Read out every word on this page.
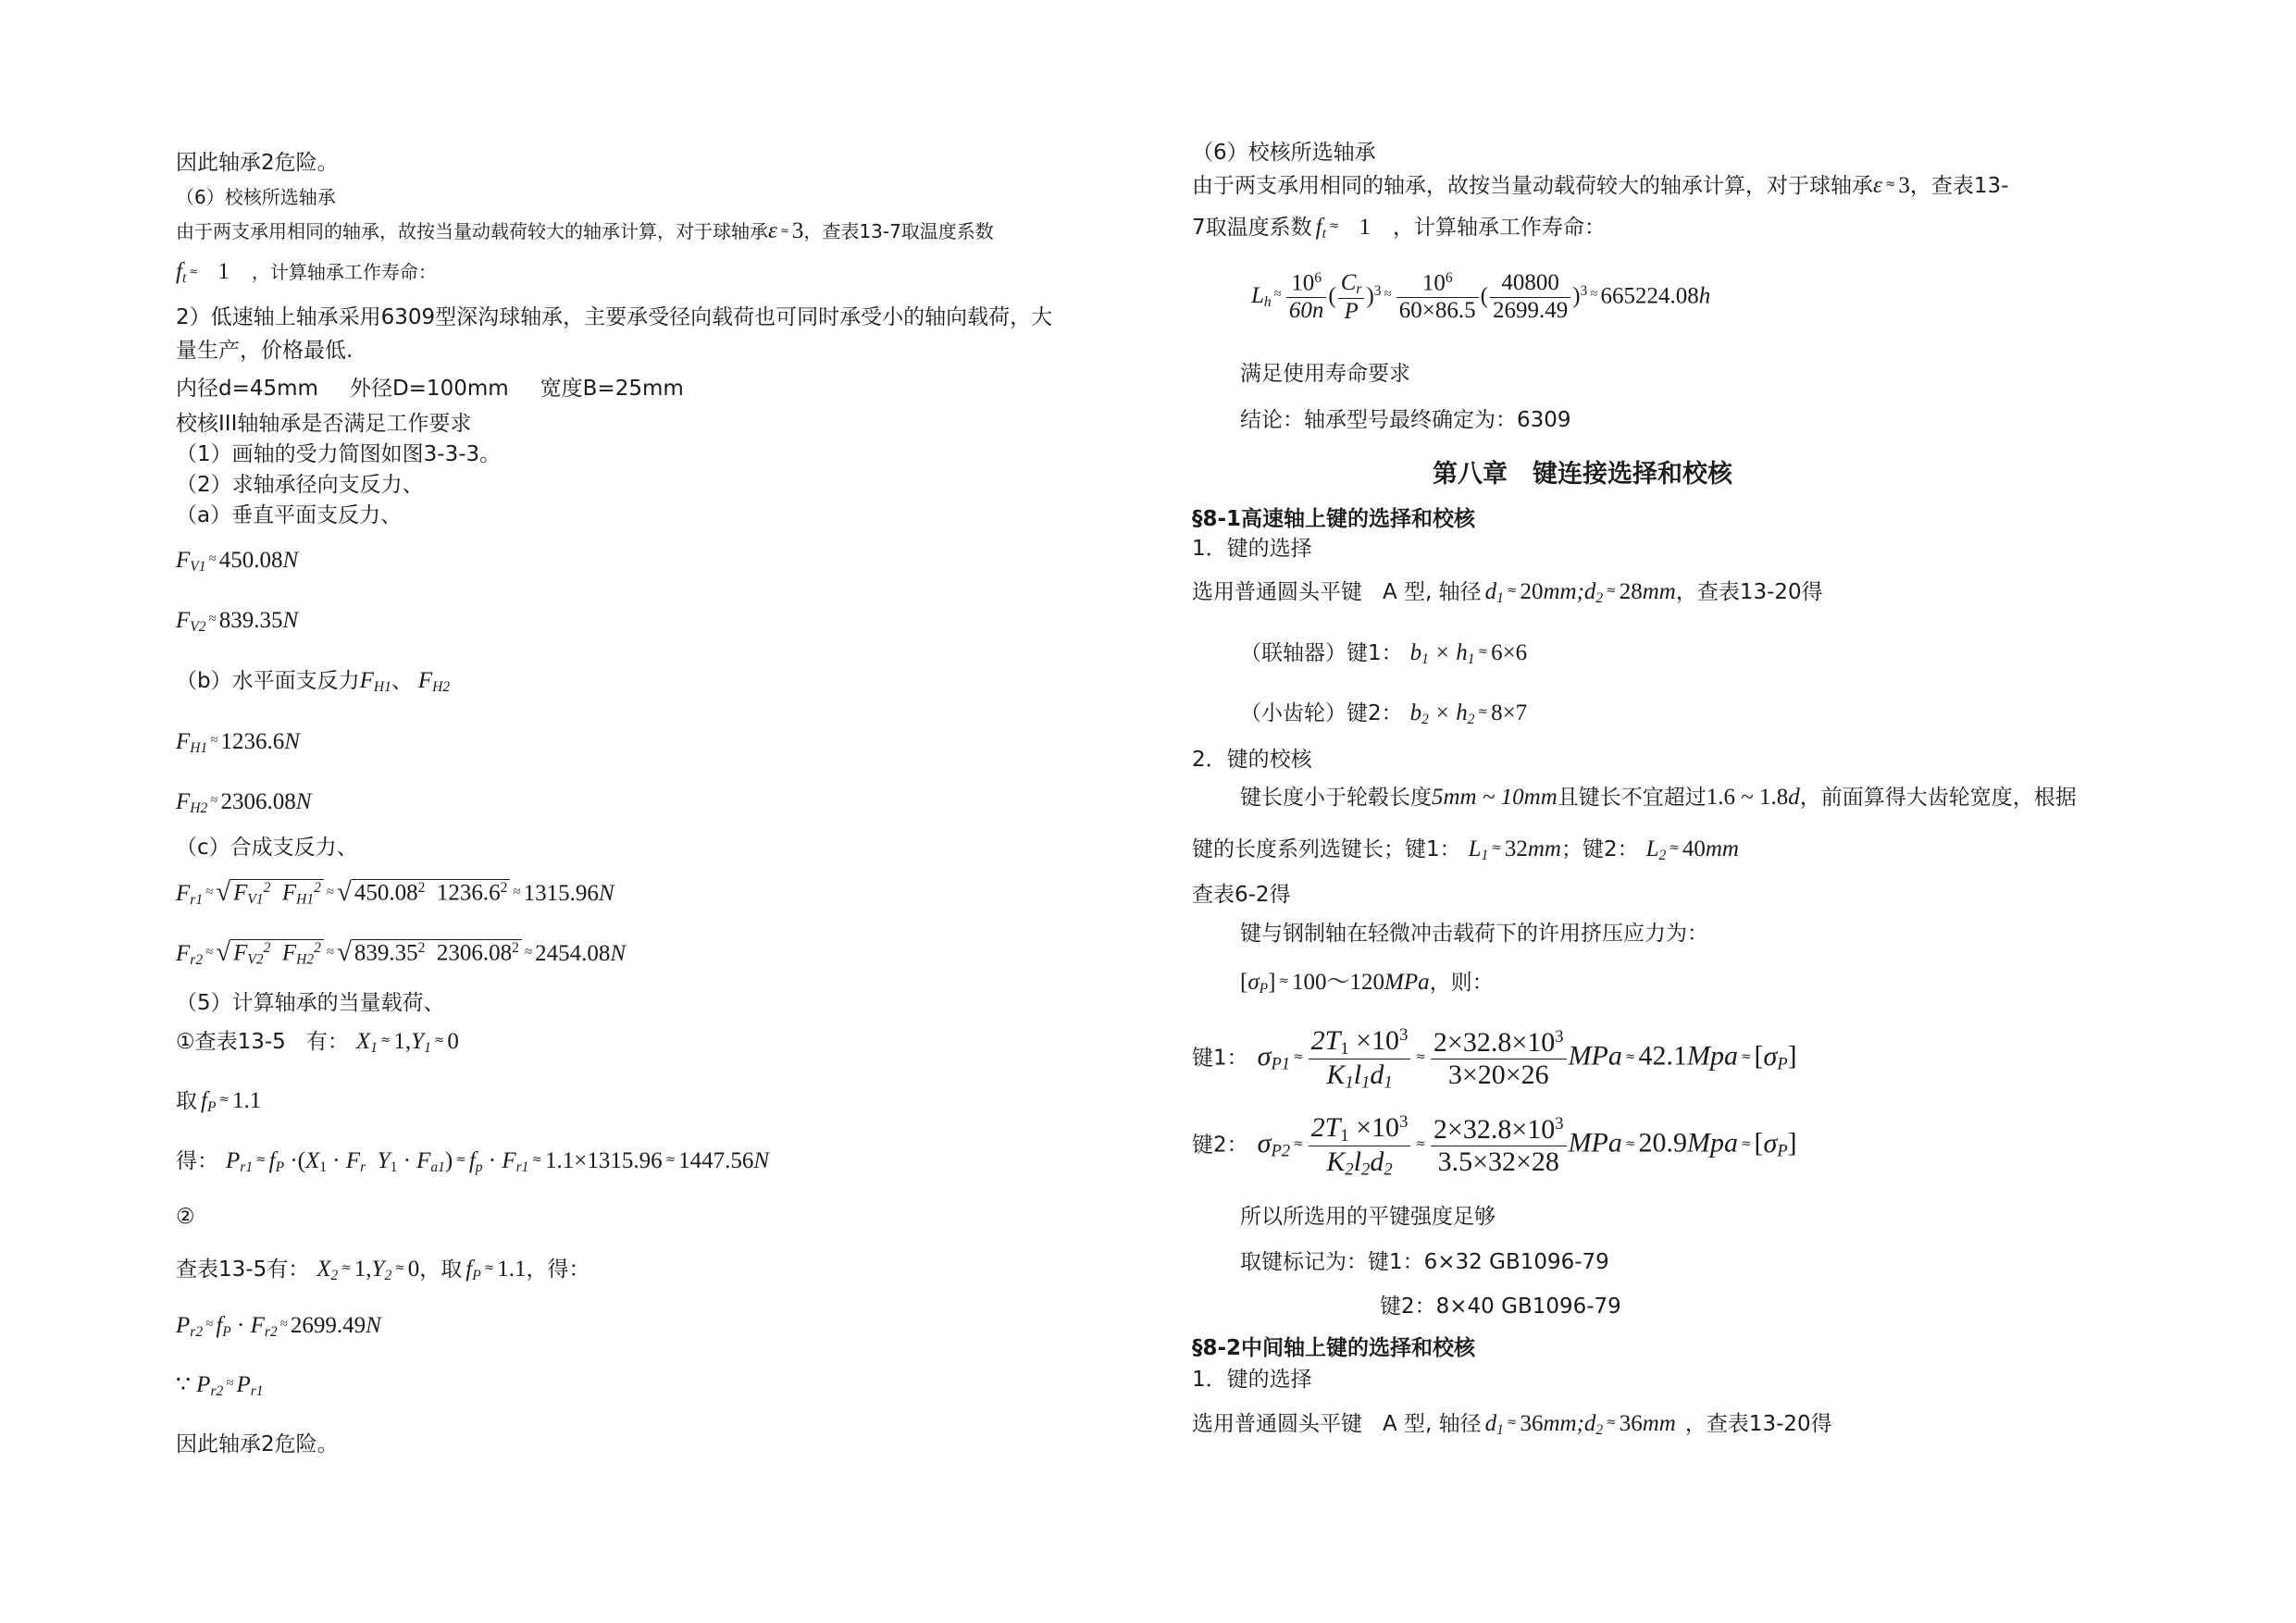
因此轴承2危险。
（6）校核所选轴承
由于两支承用相同的轴承，故按当量动载荷较大的轴承计算，对于球轴承ε ≈ 3，查表13-7取温度系数
$f_t$ ≈ 1 ，计算轴承工作寿命：
2）低速轴上轴承采用6309型深沟球轴承，主要承受径向载荷也可同时承受小的轴向载荷，大
量生产，价格最低.
内径d=45mm 外径D=100mm 宽度B=25mm
校核III轴轴承是否满足工作要求
（1）画轴的受力简图如图3-3-3。
（2）求轴承径向支反力、
（a）垂直平面支反力、
$F_{V1}^\approx$ 450.08N
$F_{V2}^\approx$ 839.35N
（b）水平面支反力$F_{H1}$、 $F_{H2}$
$F_{H1}^\approx$ 1236.6N
$F_{H2}^\approx$ 2306.08N
（c）合成支反力、
$F_{r1}^\approx$ √ $F_{V1}^2$  $F_{H1}^2$ ≈ √ 450.08$^2$ 1236.6$^2$ ≈ 1315.96N
$F_{r2}^\approx$ √ $F_{V2}^2$  $F_{H2}^2$ ≈ √ 839.35$^2$ 2306.08$^2$ ≈ 2454.08N
（5）计算轴承的当量载荷、
①查表13-5 有： $X_1$ ≈ $1,Y_1$ ≈ 0
取 $f_P$ ≈ 1.1
得： $P_{r1}$ ≈ $f_P \cdot(X_1 \cdot F_r$ $Y_1 \cdot F_{a1}$) ≈ $f_p \cdot F_{r1}$ ≈ 1.1×1315.96 ≈ 1447.56N
②
查表13-5有： $X_2$ ≈ $1,Y_2$ ≈ 0，取 $f_P$ ≈ 1.1，得：
$P_{r2}^\approx$ $f_P \cdot F_{r2}^\approx$ 2699.49N
∵ $P_{r2}^\approx$ $P_{r1}$
因此轴承2危险。
（6）校核所选轴承
由于两支承用相同的轴承，故按当量动载荷较大的轴承计算，对于球轴承ε ≈ 3，查表13-
7取温度系数 $f_t$ ≈ 1 ，计算轴承工作寿命：
$L_h^\approx \frac{10^6}{60n}$ ( $\frac{C_r}{P} )^3$ $^\approx \frac{10^6}{60\times 86.5}$ ( $\frac{40800}{2699.49} )^3$ ≈ 665224.08h
满足使用寿命要求
结论：轴承型号最终确定为：6309
第八章　键连接选择和校核
§8-1高速轴上键的选择和校核
1．键的选择
选用普通圆头平键 A 型, 轴径 $d_1$ ≈ $20mm;d_2$ ≈ 28mm，查表13-20得
（联轴器）键1： $b_1 \times h_1$ ≈ 6×6
（小齿轮）键2： $b_2 \times h_2$ ≈ 8×7
2．键的校核
键长度小于轮毂长度5mm ~ 10mm且键长不宜超过1.6 ~ 1.8d，前面算得大齿轮宽度，根据
键的长度系列选键长；键1： $L_1$ ≈ 32mm；键2： $L_2$ ≈ 40mm
查表6-2得
键与钢制轴在轻微冲击载荷下的许用挤压应力为：
$[\sigma_P]$ ≈ 100～120MPa，则：
键1： $\sigma_{P1}$ $^\approx \frac{2T_1 \times 10^3}{K_1l_1d_1} ^\approx \frac{2\times 32.8\times 10^3}{3\times 20\times 26}$ MPa ≈ 42.1Mpa ≈ $[\sigma_P]$
键2： $\sigma_{P2}$ $^\approx \frac{2T_1 \times 10^3}{K_2l_2d_2} ^\approx \frac{2\times 32.8\times 10^3}{3.5\times 32\times 28}$ MPa ≈ 20.9Mpa ≈ $[\sigma_P]$
所以所选用的平键强度足够
取键标记为：键1：6×32 GB1096-79
键2：8×40 GB1096-79
§8-2中间轴上键的选择和校核
1．键的选择
选用普通圆头平键 A 型, 轴径 $d_1$ ≈ $36mm;d_2$ ≈ 36mm ，查表13-20得
